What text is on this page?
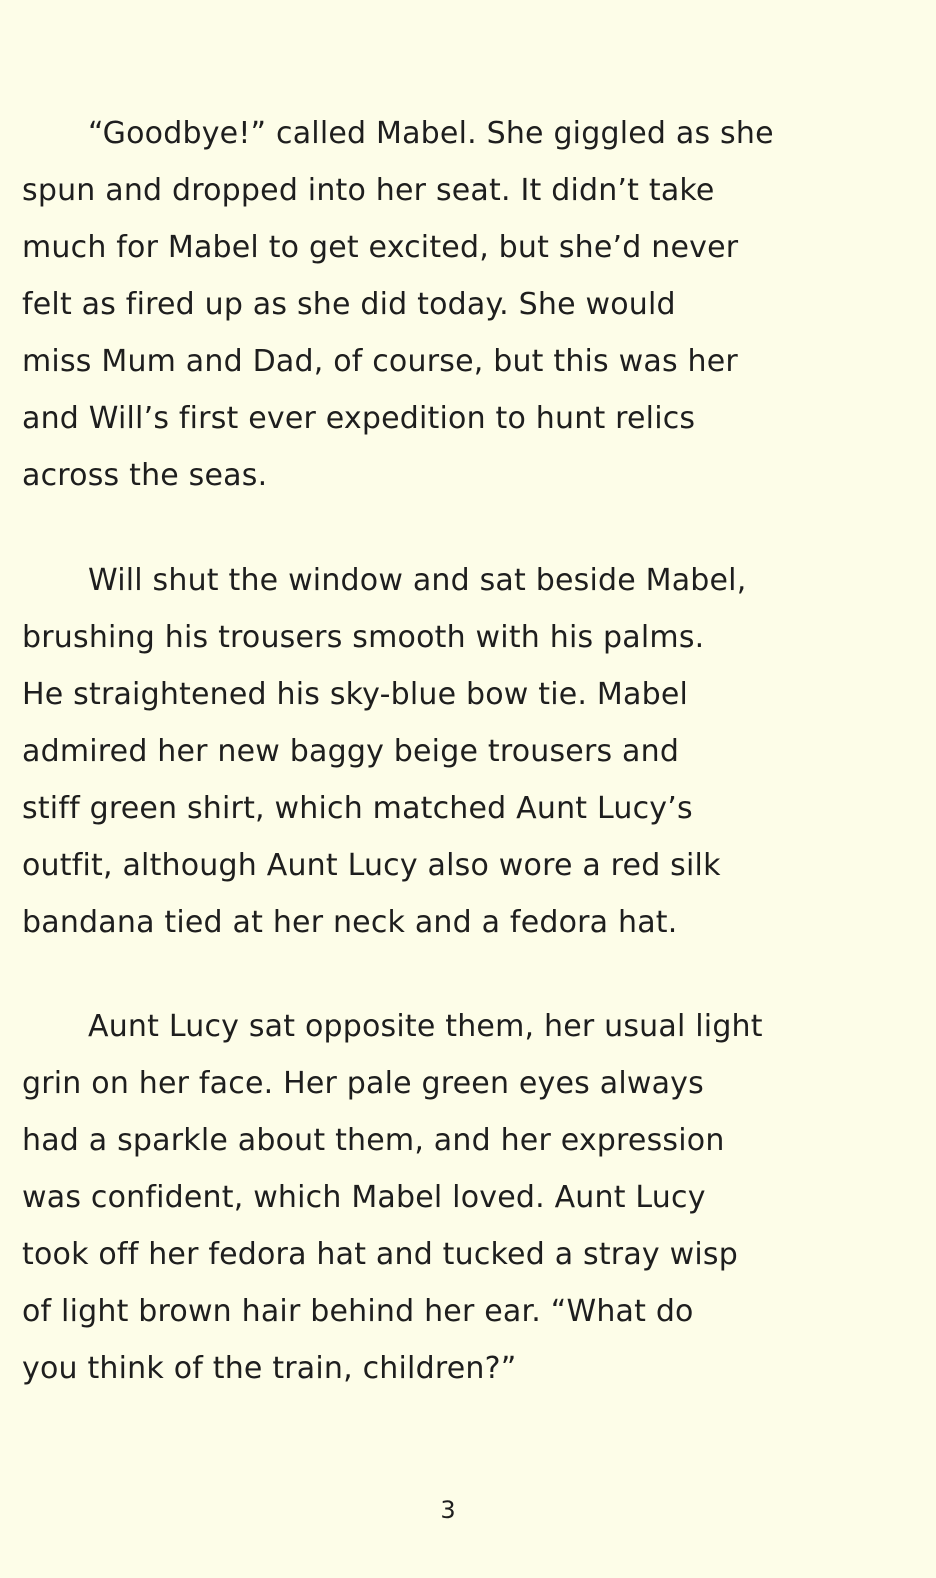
“Goodbye!” called Mabel. She giggled as she
spun and dropped into her seat. It didn’t take
much for Mabel to get excited, but she’d never
felt as fired up as she did today. She would
miss Mum and Dad, of course, but this was her
and Will’s first ever expedition to hunt relics
across the seas.
Will shut the window and sat beside Mabel,
brushing his trousers smooth with his palms.
He straightened his sky-blue bow tie. Mabel
admired her new baggy beige trousers and
stiff green shirt, which matched Aunt Lucy’s
outfit, although Aunt Lucy also wore a red silk
bandana tied at her neck and a fedora hat.
Aunt Lucy sat opposite them, her usual light
grin on her face. Her pale green eyes always
had a sparkle about them, and her expression
was confident, which Mabel loved. Aunt Lucy
took off her fedora hat and tucked a stray wisp
of light brown hair behind her ear. “What do
you think of the train, children?”
3
